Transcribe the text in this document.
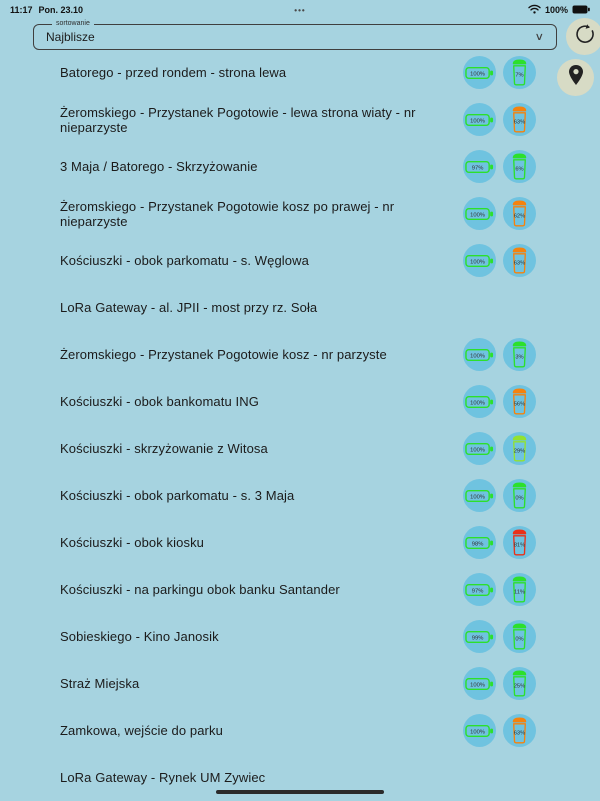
11:17 Pon. 23.10	•••	100%
sortowanie
Najblisze	∨
Batorego - przed rondem - strona lewa	100%	7%
Żeromskiego - Przystanek Pogotowie - lewa strona wiaty - nr nieparzyste	100%	63%
3 Maja / Batorego - Skrzyżowanie	97%	6%
Żeromskiego - Przystanek Pogotowie kosz po prawej - nr nieparzyste	100%	62%
Kościuszki - obok parkomatu - s. Węglowa	100%	63%
LoRa Gateway - al. JPII - most przy rz. Soła
Żeromskiego - Przystanek Pogotowie kosz - nr parzyste	100%	3%
Kościuszki - obok bankomatu ING	100%	56%
Kościuszki - skrzyżowanie z Witosa	100%	29%
Kościuszki - obok parkomatu - s. 3 Maja	100%	0%
Kościuszki - obok kiosku	98%	81%
Kościuszki - na parkingu obok banku Santander	97%	11%
Sobieskiego - Kino Janosik	99%	0%
Straż Miejska	100%	25%
Zamkowa, wejście do parku	100%	63%
LoRa Gateway - Rynek UM Zywiec
